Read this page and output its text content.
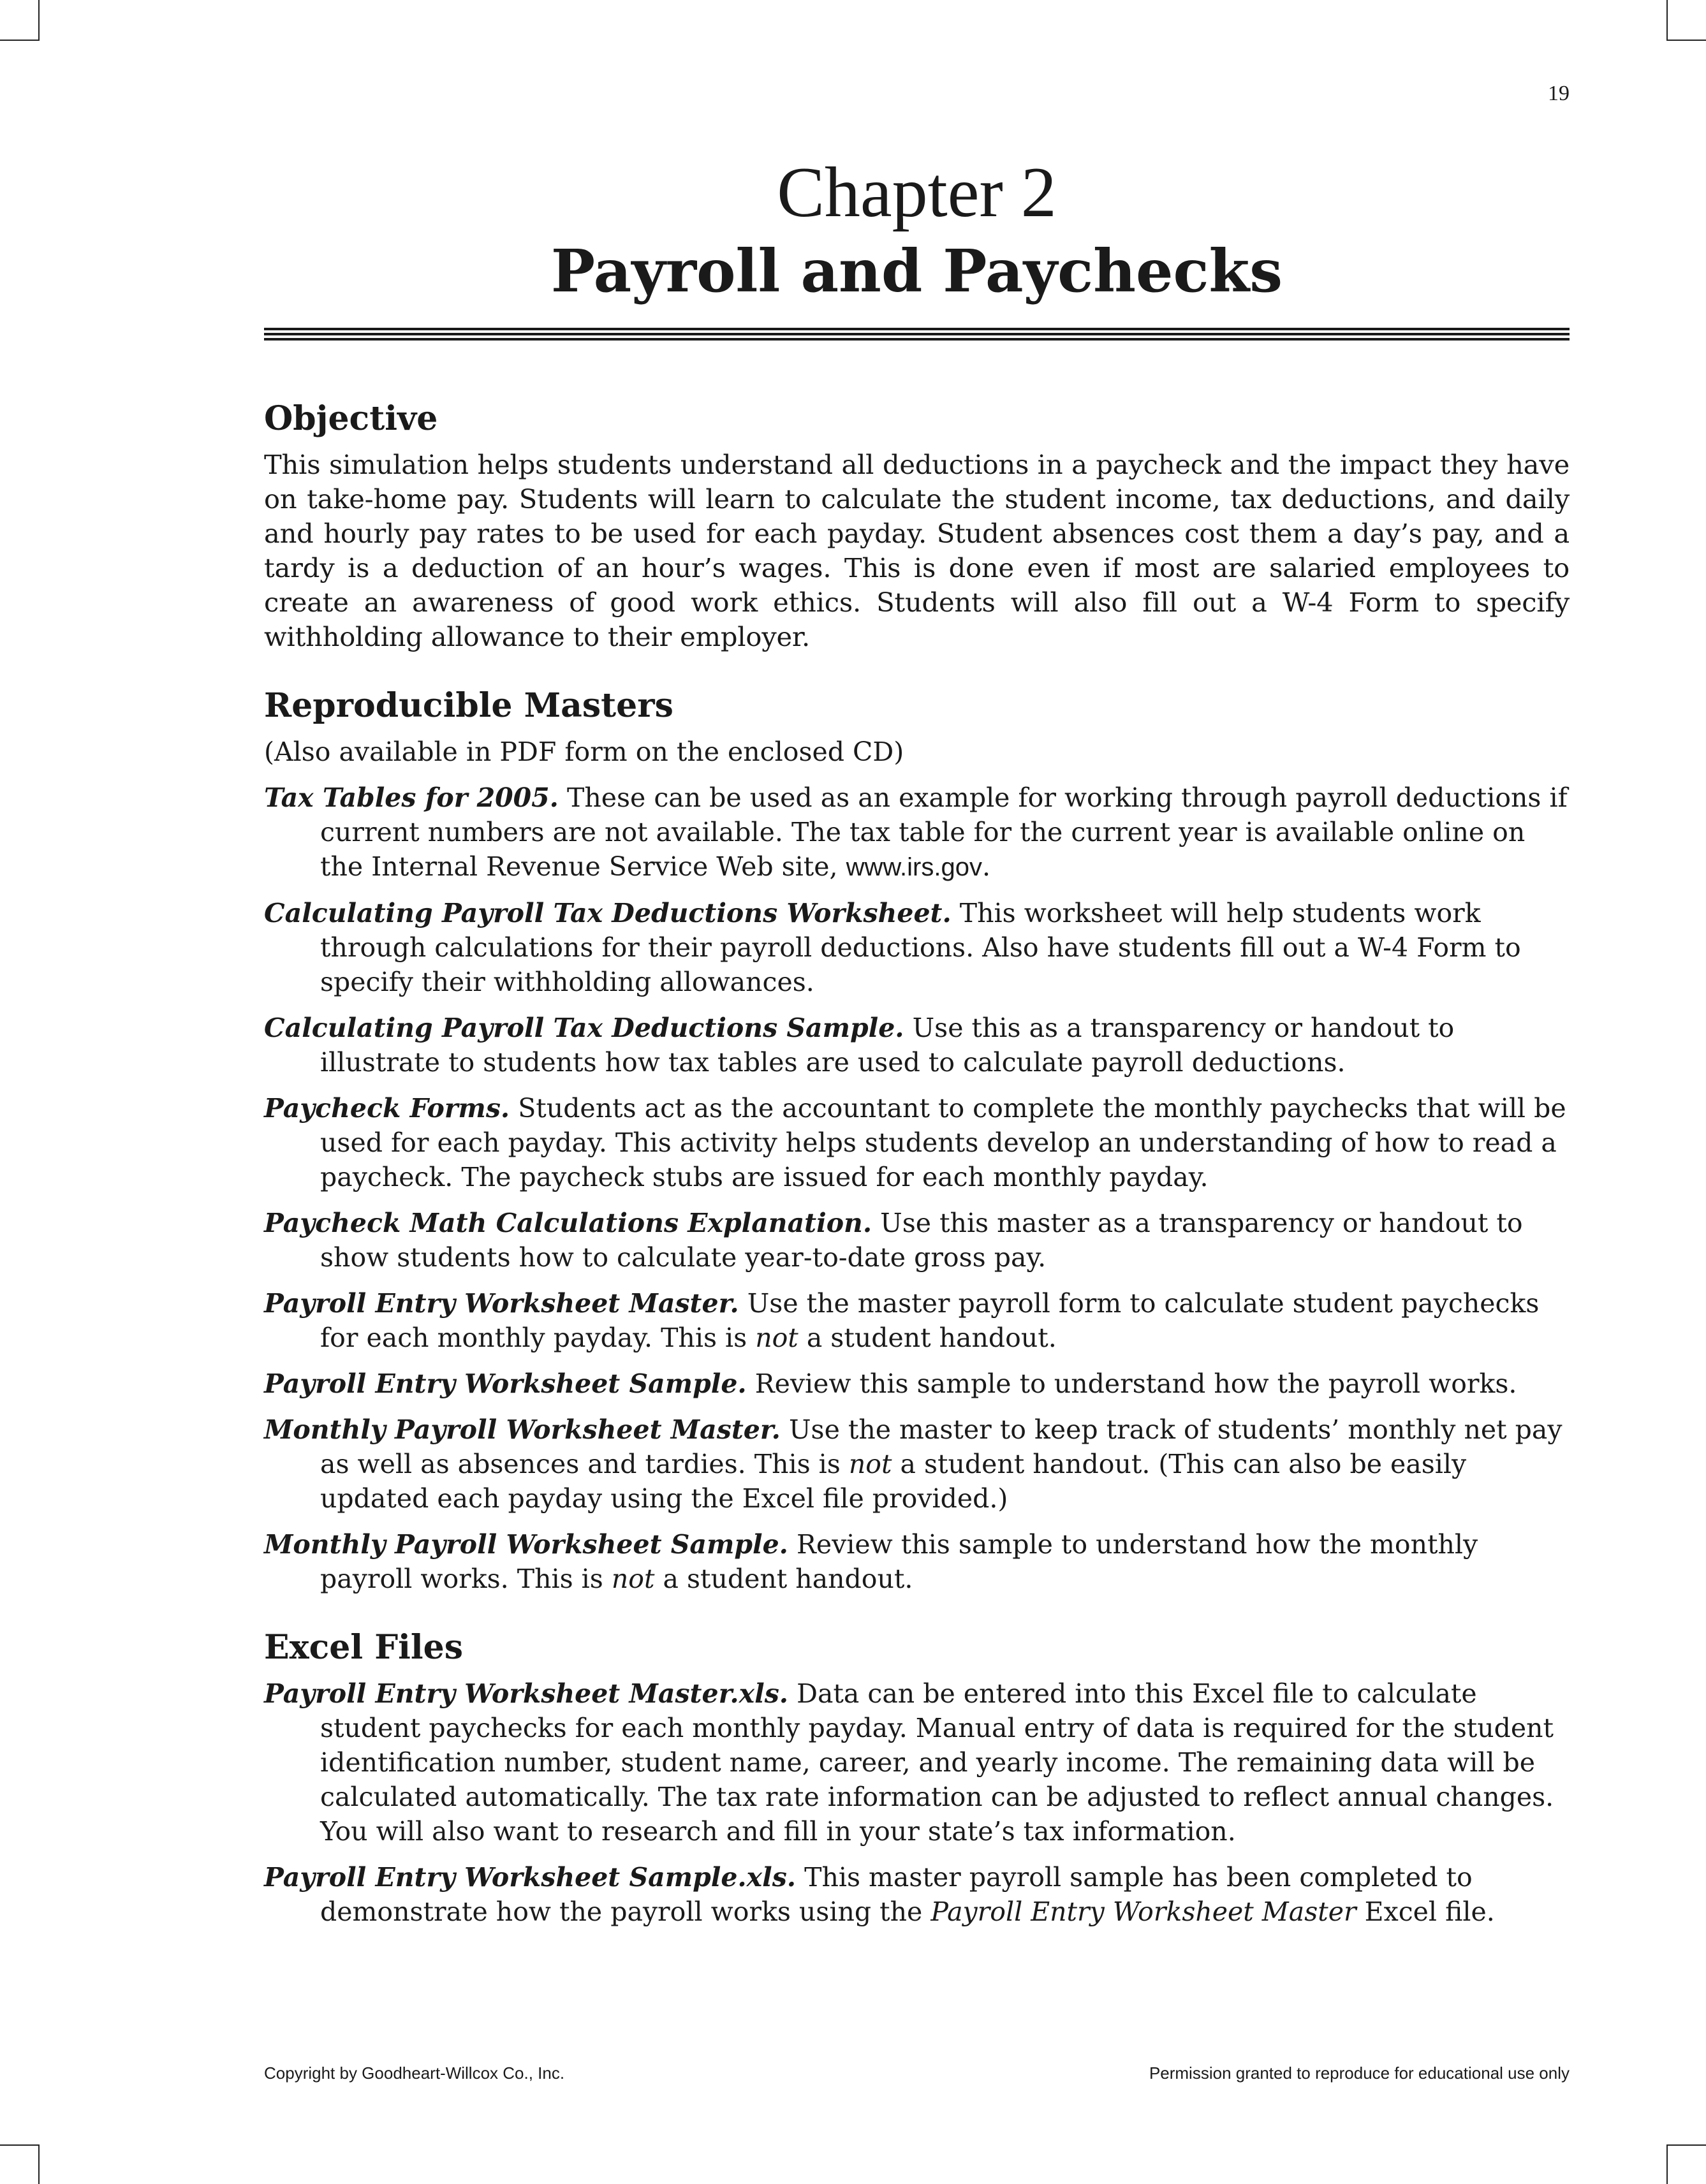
19
Chapter 2
Payroll and Paychecks
Objective

This simulation helps students understand all deductions in a paycheck and the impact they have on take-home pay. Students will learn to calculate the student income, tax deductions, and daily and hourly pay rates to be used for each payday. Student absences cost them a day’s pay, and a tardy is a deduction of an hour’s wages. This is done even if most are salaried employees to create an awareness of good work ethics. Students will also fill out a W-4 Form to specify withholding allowance to their employer.

Reproducible Masters

(Also available in PDF form on the enclosed CD)

Tax Tables for 2005. These can be used as an example for working through payroll deductions if current numbers are not available. The tax table for the current year is available online on the Internal Revenue Service Web site, www.irs.gov.

Calculating Payroll Tax Deductions Worksheet. This worksheet will help students work through calculations for their payroll deductions. Also have students fill out a W-4 Form to specify their withholding allowances.

Calculating Payroll Tax Deductions Sample. Use this as a transparency or handout to illustrate to students how tax tables are used to calculate payroll deductions.

Paycheck Forms. Students act as the accountant to complete the monthly paychecks that will be used for each payday. This activity helps students develop an understanding of how to read a paycheck. The paycheck stubs are issued for each monthly payday.

Paycheck Math Calculations Explanation. Use this master as a transparency or handout to show students how to calculate year-to-date gross pay.

Payroll Entry Worksheet Master. Use the master payroll form to calculate student paychecks for each monthly payday. This is not a student handout.

Payroll Entry Worksheet Sample. Review this sample to understand how the payroll works.

Monthly Payroll Worksheet Master. Use the master to keep track of students’ monthly net pay as well as absences and tardies. This is not a student handout. (This can also be easily updated each payday using the Excel file provided.)

Monthly Payroll Worksheet Sample. Review this sample to understand how the monthly payroll works. This is not a student handout.

Excel Files

Payroll Entry Worksheet Master.xls. Data can be entered into this Excel file to calculate student paychecks for each monthly payday. Manual entry of data is required for the student identification number, student name, career, and yearly income. The remaining data will be calculated automatically. The tax rate information can be adjusted to reflect annual changes. You will also want to research and fill in your state’s tax information.

Payroll Entry Worksheet Sample.xls. This master payroll sample has been completed to demonstrate how the payroll works using the Payroll Entry Worksheet Master Excel file.

Copyright by Goodheart-Willcox Co., Inc.	Permission granted to reproduce for educational use only
